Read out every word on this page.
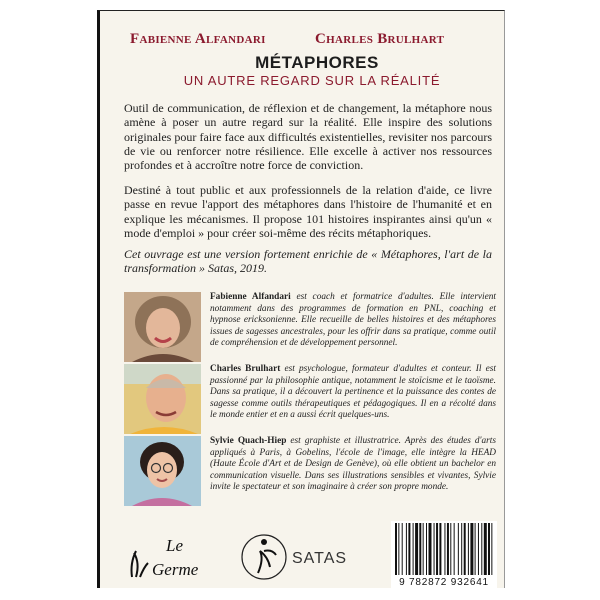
Fabienne Alfandari	Charles Brulhart
MÉTAPHORES
UN AUTRE REGARD SUR LA RÉALITÉ
Outil de communication, de réflexion et de changement, la métaphore nous amène à poser un autre regard sur la réalité. Elle inspire des solutions originales pour faire face aux difficultés existentielles, revisiter nos parcours de vie ou renforcer notre résilience. Elle excelle à activer nos ressources profondes et à accroître notre force de conviction.
Destiné à tout public et aux professionnels de la relation d'aide, ce livre passe en revue l'apport des métaphores dans l'histoire de l'humanité et en explique les mécanismes. Il propose 101 histoires inspirantes ainsi qu'un « mode d'emploi » pour créer soi-même des récits métaphoriques.
Cet ouvrage est une version fortement enrichie de « Métaphores, l'art de la transformation » Satas, 2019.
Fabienne Alfandari est coach et formatrice d'adultes. Elle intervient notamment dans des programmes de formation en PNL, coaching et hypnose ericksonienne. Elle recueille de belles histoires et des métaphores issues de sagesses ancestrales, pour les offrir dans sa pratique, comme outil de compréhension et de développement personnel.
Charles Brulhart est psychologue, formateur d'adultes et conteur. Il est passionné par la philosophie antique, notamment le stoïcisme et le taoïsme. Dans sa pratique, il a découvert la pertinence et la puissance des contes de sagesse comme outils thérapeutiques et pédagogiques. Il en a récolté dans le monde entier et en a aussi écrit quelques-uns.
Sylvie Quach-Hiep est graphiste et illustratrice. Après des études d'arts appliqués à Paris, à Gobelins, l'école de l'image, elle intègre la HEAD (Haute École d'Art et de Design de Genève), où elle obtient un bachelor en communication visuelle. Dans ses illustrations sensibles et vivantes, Sylvie invite le spectateur et son imaginaire à créer son propre monde.
Le
Germe
SATAS
9 782872 932641
